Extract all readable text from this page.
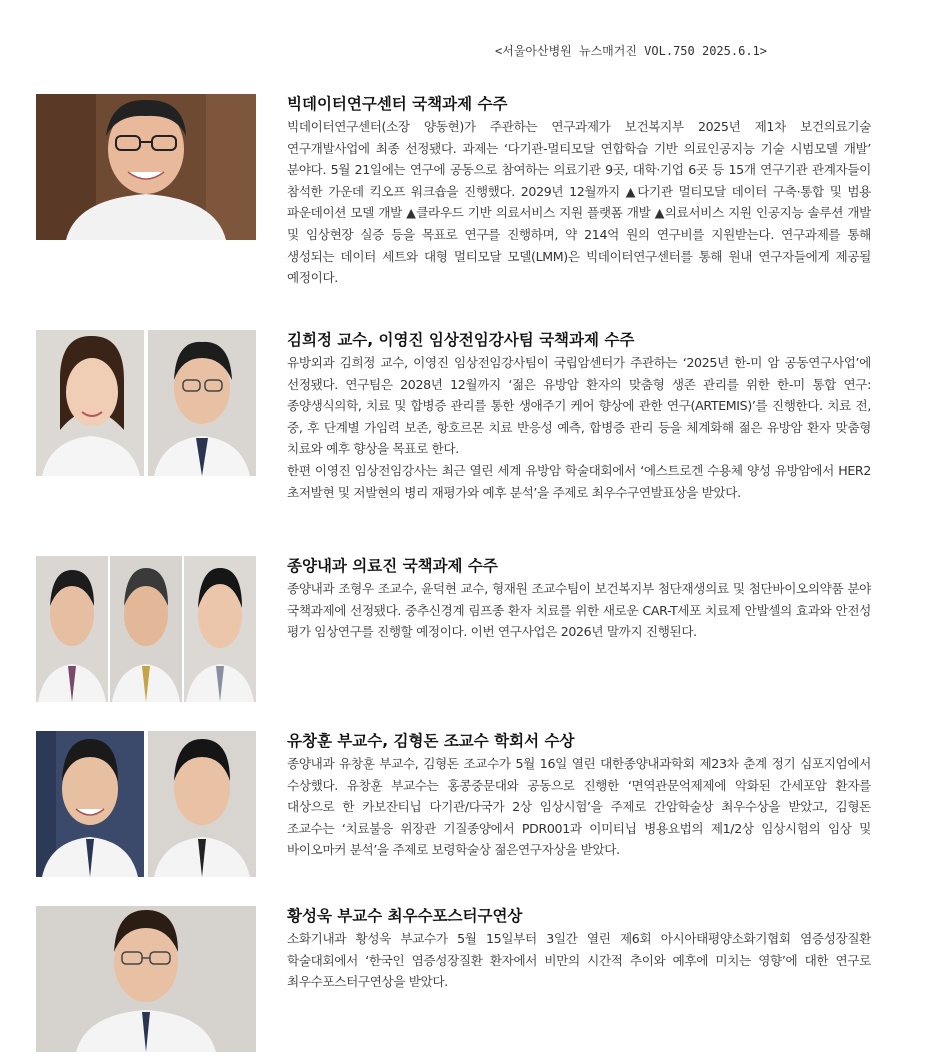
<서울아산병원 뉴스매거진 VOL.750 2025.6.1>
빅데이터연구센터 국책과제 수주

빅데이터연구센터(소장 양동현)가 주관하는 연구과제가 보건복지부 2025년 제1차 보건의료기술 연구개발사업에 최종 선정됐다. 과제는 ‘다기관-멀티모달 연합학습 기반 의료인공지능 기술 시범모델 개발’ 분야다. 5월 21일에는 연구에 공동으로 참여하는 의료기관 9곳, 대학·기업 6곳 등 15개 연구기관 관계자들이 참석한 가운데 킥오프 워크숍을 진행했다. 2029년 12월까지 ▲다기관 멀티모달 데이터 구축·통합 및 범용 파운데이션 모델 개발 ▲클라우드 기반 의료서비스 지원 플랫폼 개발 ▲의료서비스 지원 인공지능 솔루션 개발 및 임상현장 실증 등을 목표로 연구를 진행하며, 약 214억 원의 연구비를 지원받는다. 연구과제를 통해 생성되는 데이터 세트와 대형 멀티모달 모델(LMM)은 빅데이터연구센터를 통해 원내 연구자들에게 제공될 예정이다.

김희정 교수, 이영진 임상전임강사팀 국책과제 수주

유방외과 김희정 교수, 이영진 임상전임강사팀이 국립암센터가 주관하는 ‘2025년 한-미 암 공동연구사업’에 선정됐다. 연구팀은 2028년 12월까지 ‘젊은 유방암 환자의 맞춤형 생존 관리를 위한 한-미 통합 연구: 종양생식의학, 치료 및 합병증 관리를 통한 생애주기 케어 향상에 관한 연구(ARTEMIS)’를 진행한다. 치료 전, 중, 후 단계별 가임력 보존, 항호르몬 치료 반응성 예측, 합병증 관리 등을 체계화해 젊은 유방암 환자 맞춤형 치료와 예후 향상을 목표로 한다.

한편 이영진 임상전임강사는 최근 열린 세계 유방암 학술대회에서 ‘에스트로겐 수용체 양성 유방암에서 HER2 초저발현 및 저발현의 병리 재평가와 예후 분석’을 주제로 최우수구연발표상을 받았다.

종양내과 의료진 국책과제 수주

종양내과 조형우 조교수, 윤덕현 교수, 형재원 조교수팀이 보건복지부 첨단재생의료 및 첨단바이오의약품 분야 국책과제에 선정됐다. 중추신경계 림프종 환자 치료를 위한 새로운 CAR-T세포 치료제 안발셀의 효과와 안전성 평가 임상연구를 진행할 예정이다. 이번 연구사업은 2026년 말까지 진행된다.

유창훈 부교수, 김형돈 조교수 학회서 수상

종양내과 유창훈 부교수, 김형돈 조교수가 5월 16일 열린 대한종양내과학회 제23차 춘계 정기 심포지엄에서 수상했다. 유창훈 부교수는 홍콩중문대와 공동으로 진행한 ‘면역관문억제제에 악화된 간세포암 환자를 대상으로 한 카보잔티닙 다기관/다국가 2상 임상시험’을 주제로 간암학술상 최우수상을 받았고, 김형돈 조교수는 ‘치료불응 위장관 기질종양에서 PDR001과 이미티닙 병용요법의 제1/2상 임상시험의 임상 및 바이오마커 분석’을 주제로 보령학술상 젊은연구자상을 받았다.

황성욱 부교수 최우수포스터구연상

소화기내과 황성욱 부교수가 5월 15일부터 3일간 열린 제6회 아시아태평양소화기협회 염증성장질환 학술대회에서 ‘한국인 염증성장질환 환자에서 비만의 시간적 추이와 예후에 미치는 영향’에 대한 연구로 최우수포스터구연상을 받았다.
